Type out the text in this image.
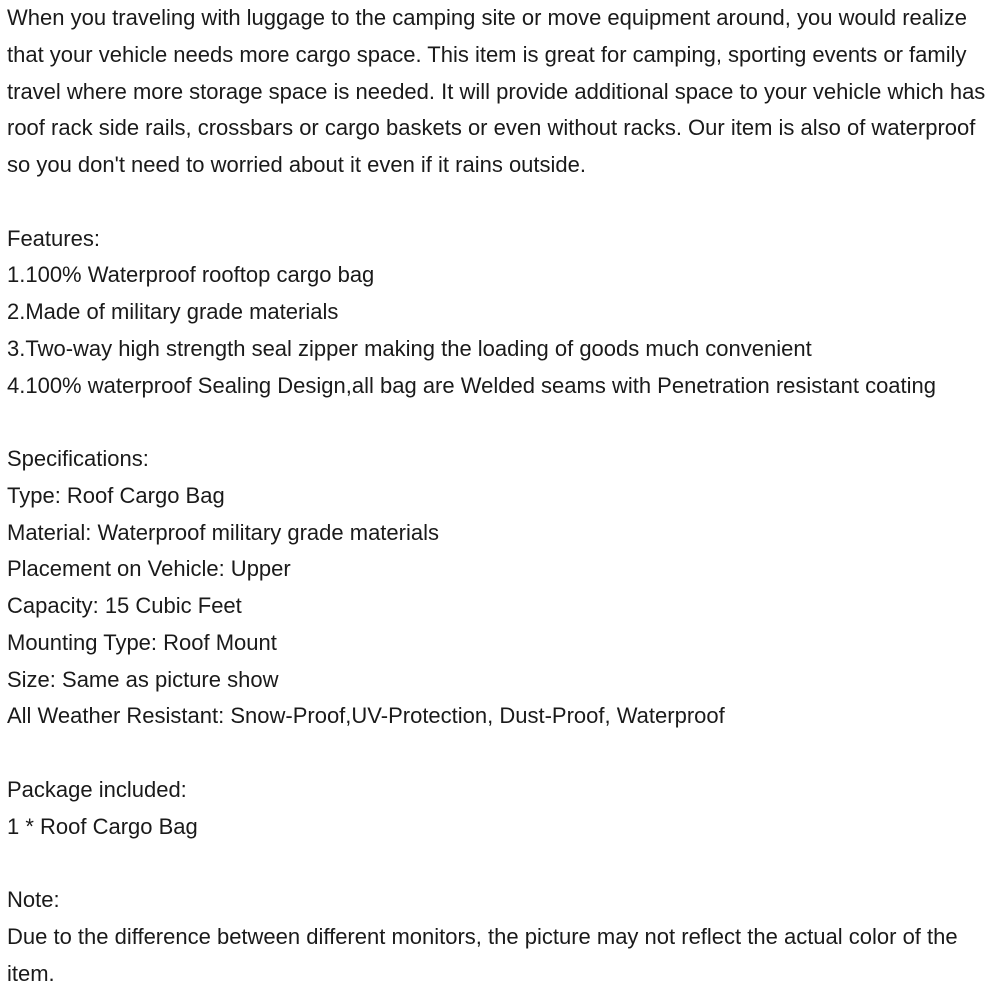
When you traveling with luggage to the camping site or move equipment around, you would realize
that your vehicle needs more cargo space. This item is great for camping, sporting events or family
travel where more storage space is needed. It will provide additional space to your vehicle which has
roof rack side rails, crossbars or cargo baskets or even without racks. Our item is also of waterproof
so you don't need to worried about it even if it rains outside.
Features:
1.100% Waterproof rooftop cargo bag
2.Made of military grade materials
3.Two-way high strength seal zipper making the loading of goods much convenient
4.100% waterproof Sealing Design,all bag are Welded seams with Penetration resistant coating
Specifications:
Type: Roof Cargo Bag
Material: Waterproof military grade materials
Placement on Vehicle: Upper
Capacity: 15 Cubic Feet
Mounting Type: Roof Mount
Size: Same as picture show
All Weather Resistant: Snow-Proof,UV-Protection, Dust-Proof, Waterproof
Package included:
1 * Roof Cargo Bag
Note:
Due to the difference between different monitors, the picture may not reflect the actual color of the
item.
